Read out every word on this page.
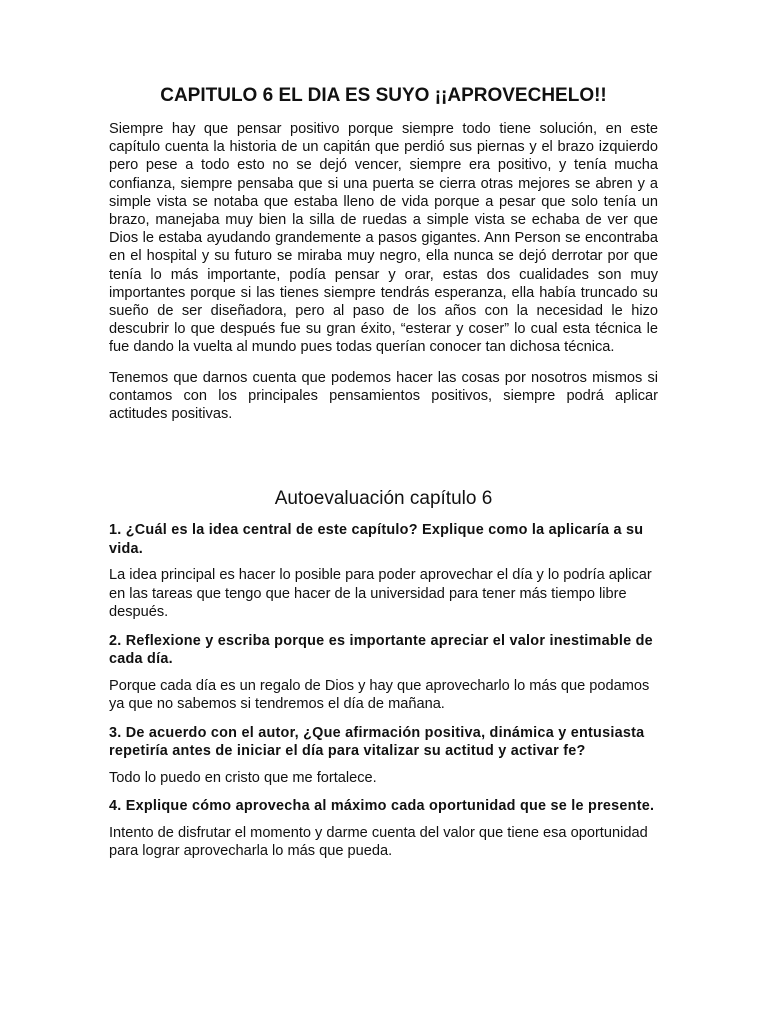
CAPITULO 6 EL DIA ES SUYO ¡¡APROVECHELO!!

Siempre hay que pensar positivo porque siempre todo tiene solución, en este capítulo cuenta la historia de un capitán que perdió sus piernas y el brazo izquierdo pero pese a todo esto no se dejó vencer, siempre era positivo, y tenía mucha confianza, siempre pensaba que si una puerta se cierra otras mejores se abren y a simple vista se notaba que estaba lleno de vida porque a pesar que solo tenía un brazo, manejaba muy bien la silla de ruedas a simple vista se echaba de ver que Dios le estaba ayudando grandemente a pasos gigantes. Ann Person se encontraba en el hospital y su futuro se miraba muy negro, ella nunca se dejó derrotar por que tenía lo más importante, podía pensar y orar, estas dos cualidades son muy importantes porque si las tienes siempre tendrás esperanza, ella había truncado su sueño de ser diseñadora, pero al paso de los años con la necesidad le hizo descubrir lo que después fue su gran éxito, “esterar y coser” lo cual esta técnica le fue dando la vuelta al mundo pues todas querían conocer tan dichosa técnica.

Tenemos que darnos cuenta que podemos hacer las cosas por nosotros mismos si contamos con los principales pensamientos positivos, siempre podrá aplicar actitudes positivas.

Autoevaluación capítulo 6

1. ¿Cuál es la idea central de este capítulo? Explique como la aplicaría a su vida.

La idea principal es hacer lo posible para poder aprovechar el día y lo podría aplicar en las tareas que tengo que hacer de la universidad para tener más tiempo libre después.

2. Reflexione y escriba porque es importante apreciar el valor inestimable de cada día.

Porque cada día es un regalo de Dios y hay que aprovecharlo lo más que podamos ya que no sabemos si tendremos el día de mañana.

3. De acuerdo con el autor, ¿Que afirmación positiva, dinámica y entusiasta repetiría antes de iniciar el día para vitalizar su actitud y activar fe?

Todo lo puedo en cristo que me fortalece.

4. Explique cómo aprovecha al máximo cada oportunidad que se le presente.

Intento de disfrutar el momento y darme cuenta del valor que tiene esa oportunidad para lograr aprovecharla lo más que pueda.
